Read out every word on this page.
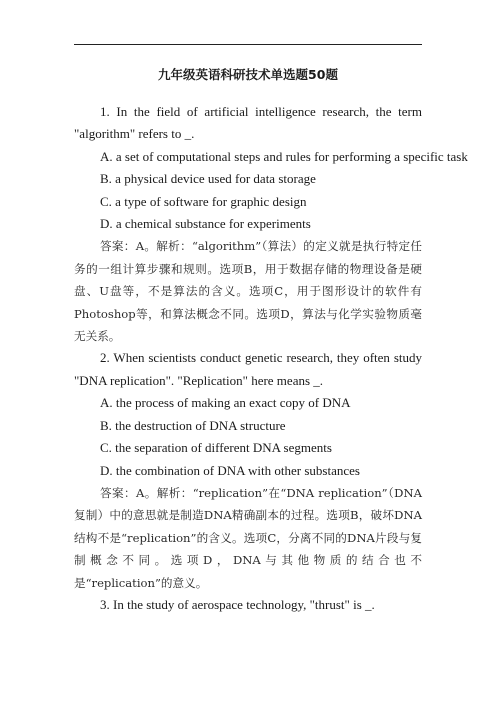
九年级英语科研技术单选题50题

1. In the field of artificial intelligence research, the term "algorithm" refers to _.

A. a set of computational steps and rules for performing a specific task

B. a physical device used for data storage

C. a type of software for graphic design

D. a chemical substance for experiments

答案：A。解析：“algorithm”（算法）的定义就是执行特定任务的一组计算步骤和规则。选项B，用于数据存储的物理设备是硬盘、U盘等，不是算法的含义。选项C，用于图形设计的软件有 Photoshop等，和算法概念不同。选项D，算法与化学实验物质毫无关系。

2. When scientists conduct genetic research, they often study "DNA replication". "Replication" here means _.

A. the process of making an exact copy of DNA

B. the destruction of DNA structure

C. the separation of different DNA segments

D. the combination of DNA with other substances

答案：A。解析：“replication”在“DNA replication”（DNA 复制）中的意思就是制造DNA精确副本的过程。选项B，破坏DNA结构不是“replication”的含义。选项C，分离不同的DNA片段与复制概念不同。选项D，DNA与其他物质的结合也不是“replication”的意义。

3. In the study of aerospace technology, "thrust" is _.
